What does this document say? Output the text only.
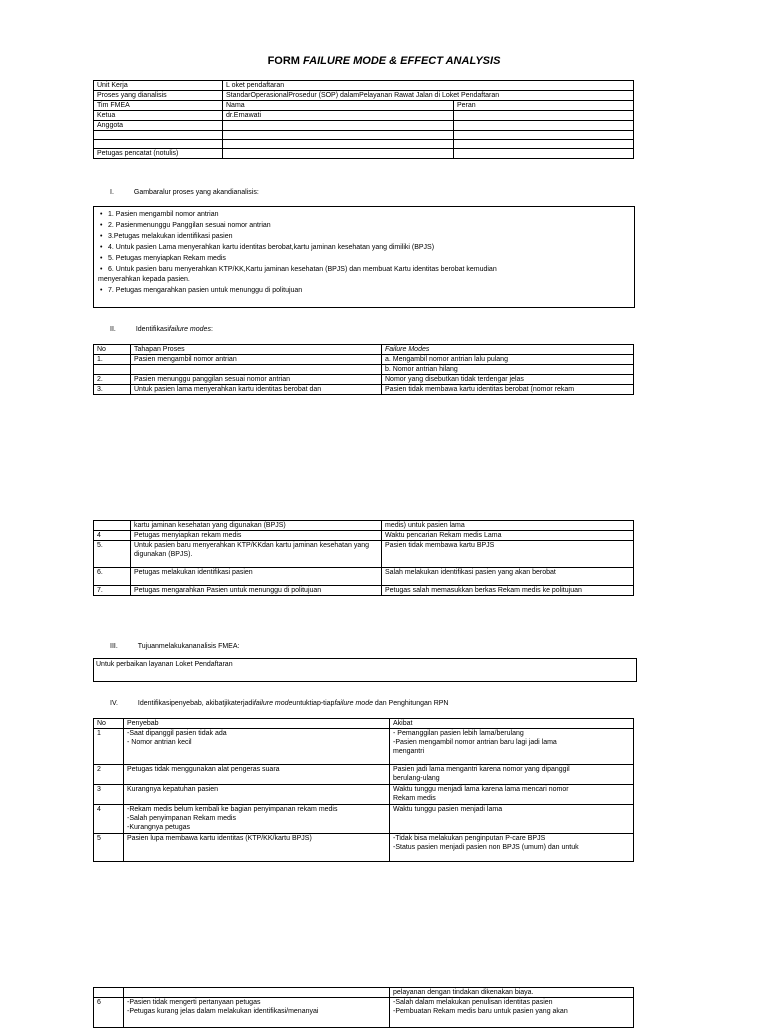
FORM FAILURE MODE & EFFECT ANALYSIS
Unit Kerja	L oket pendaftaran	
Proses yang dianalisis	StandarOperasionalProsedur (SOP) dalamPelayanan Rawat Jalan di Loket Pendaftaran	
Tim FMEA	Nama	Peran
Ketua	dr.Ernawati	
Anggota		

Petugas pencatat (notulis)		
I.	Gambaralur proses yang akandianalisis:
• 1. Pasien mengambil nomor antrian
• 2. Pasienmenunggu Panggilan sesuai nomor antrian
• 3.Petugas melakukan identifikasi pasien
• 4. Untuk pasien Lama menyerahkan kartu identitas berobat,kartu jaminan kesehatan yang dimiliki (BPJS)
• 5. Petugas menyiapkan Rekam medis
• 6. Untuk pasien baru menyerahkan KTP/KK,Kartu jaminan kesehatan (BPJS) dan membuat Kartu identitas berobat kemudian
menyerahkan kepada pasien.
• 7. Petugas mengarahkan pasien untuk menunggu di politujuan
II.	Identifikasifailure modes:
No	Tahapan Proses	Failure Modes
1.	Pasien mengambil nomor antrian	a. Mengambil nomor antrian lalu pulang
		b. Nomor antrian hilang
2.	Pasien menunggu panggilan sesuai nomor antrian	Nomor yang disebutkan tidak terdengar jelas
3.	Untuk pasien lama menyerahkan kartu identitas berobat dan	Pasien tidak membawa kartu identitas berobat (nomor rekam
	kartu jaminan kesehatan yang digunakan (BPJS)	medis) untuk pasien lama
4	Petugas menyiapkan rekam medis	Waktu pencarian Rekam medis Lama
5.	Untuk pasien baru menyerahkan KTP/KKdan kartu jaminan kesehatan yang digunakan (BPJS).	Pasien tidak membawa kartu BPJS
6.	Petugas melakukan identifikasi pasien	Salah melakukan identifikasi pasien yang akan berobat
7.	Petugas mengarahkan Pasien untuk menunggu di politujuan	Petugas salah memasukkan berkas Rekam medis ke politujuan
III.	Tujuanmelakukananalisis FMEA:
Untuk perbaikan layanan Loket Pendaftaran
IV.	Identifikasipenyebab, akibatjikaterjadifailure modeuntuktiap-tiapfailure mode dan Penghitungan RPN
No	Penyebab	Akibat
1	-Saat dipanggil pasien tidak ada
- Nomor antrian kecil	- Pemanggilan pasien lebih lama/berulang
-Pasien mengambil nomor antrian baru lagi jadi lama
mengantri
2	Petugas tidak menggunakan alat pengeras suara	Pasien jadi lama mengantri karena nomor yang dipanggil
berulang-ulang
3	Kurangnya kepatuhan pasien	Waktu tunggu menjadi lama karena lama mencari nomor
Rekam medis
4	-Rekam medis belum kembali ke bagian penyimpanan rekam medis
-Salah penyimpanan Rekam medis
-Kurangnya petugas	Waktu tunggu pasien menjadi lama
5	Pasien lupa membawa kartu identitas (KTP/KK/kartu BPJS)	-Tidak bisa melakukan penginputan P-care BPJS
-Status pasien menjadi pasien non BPJS (umum) dan untuk
		pelayanan dengan tindakan dikenakan biaya.
6	-Pasien tidak mengerti pertanyaan petugas
-Petugas kurang jelas dalam melakukan identifikasi/menanyai	-Salah dalam melakukan penulisan identitas pasien
-Pembuatan Rekam medis baru untuk pasien yang akan
